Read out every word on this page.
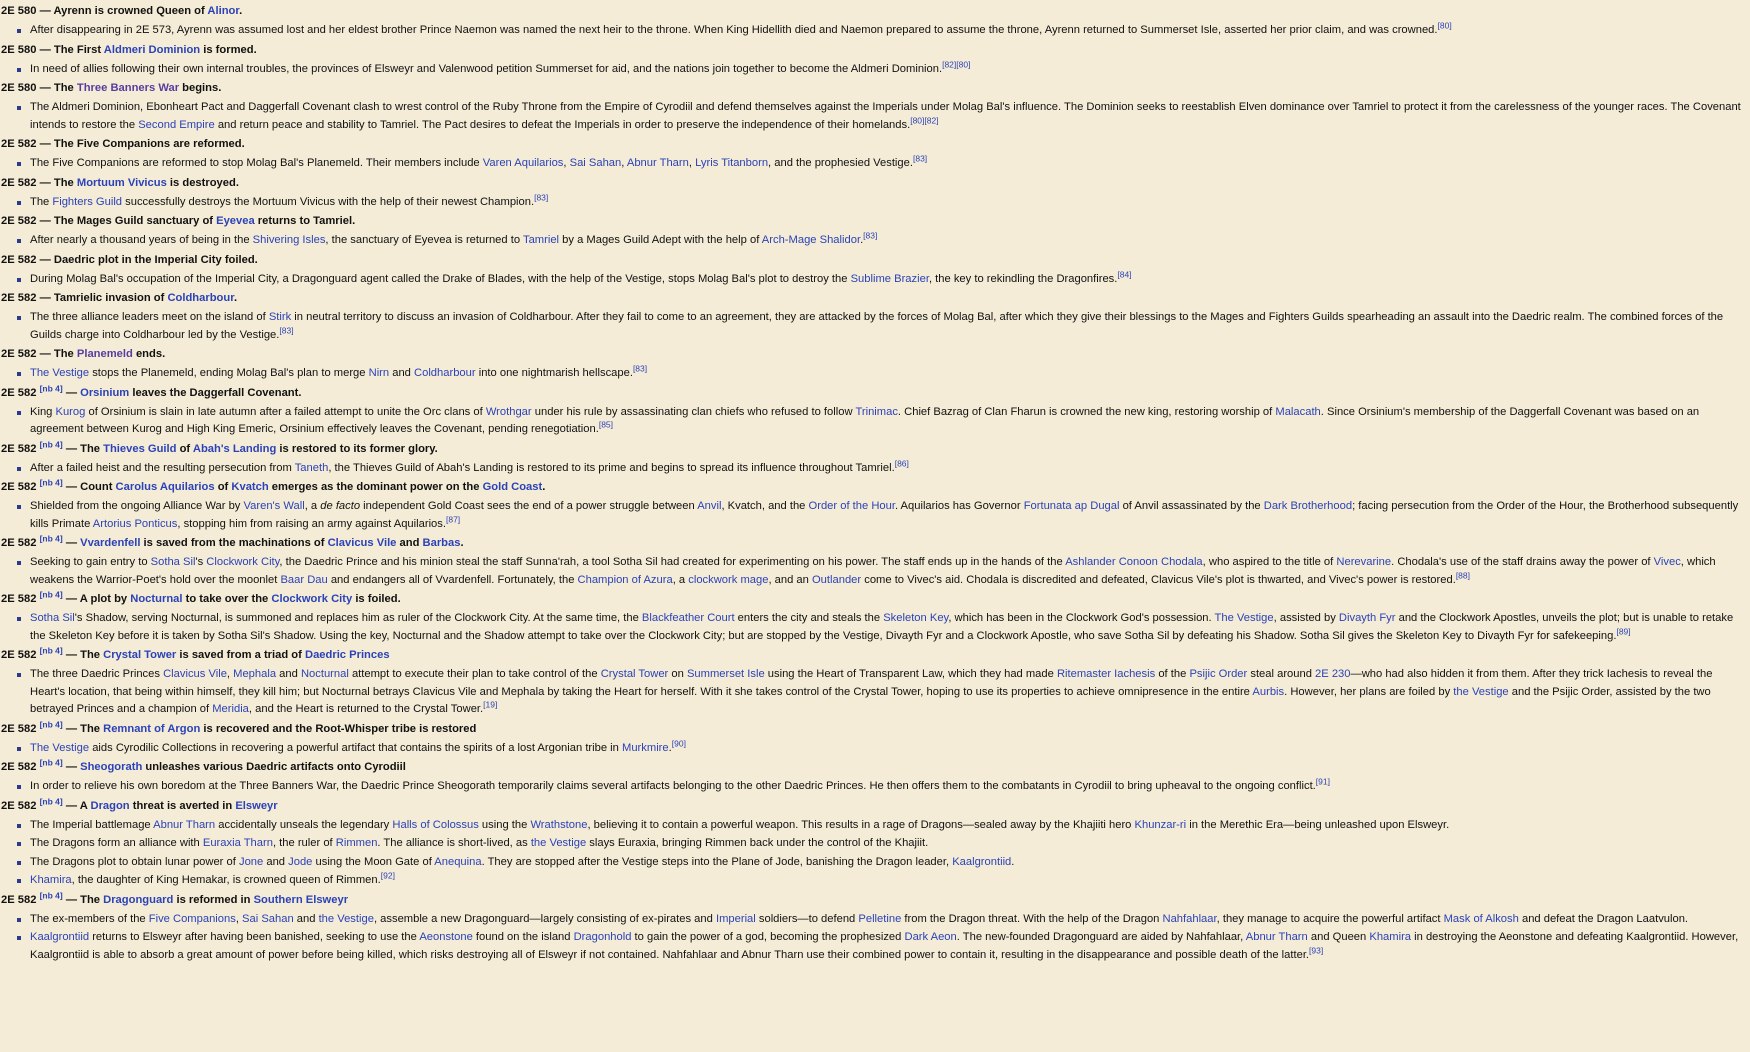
2E 580 — Ayrenn is crowned Queen of Alinor.
After disappearing in 2E 573, Ayrenn was assumed lost and her eldest brother Prince Naemon was named the next heir to the throne. When King Hidellith died and Naemon prepared to assume the throne, Ayrenn returned to Summerset Isle, asserted her prior claim, and was crowned.[80]
2E 580 — The First Aldmeri Dominion is formed.
In need of allies following their own internal troubles, the provinces of Elsweyr and Valenwood petition Summerset for aid, and the nations join together to become the Aldmeri Dominion.[82][80]
2E 580 — The Three Banners War begins.
The Aldmeri Dominion, Ebonheart Pact and Daggerfall Covenant clash to wrest control of the Ruby Throne from the Empire of Cyrodiil and defend themselves against the Imperials under Molag Bal's influence. The Dominion seeks to reestablish Elven dominance over Tamriel to protect it from the carelessness of the younger races. The Covenant intends to restore the Second Empire and return peace and stability to Tamriel. The Pact desires to defeat the Imperials in order to preserve the independence of their homelands.[80][82]
2E 582 — The Five Companions are reformed.
The Five Companions are reformed to stop Molag Bal's Planemeld. Their members include Varen Aquilarios, Sai Sahan, Abnur Tharn, Lyris Titanborn, and the prophesied Vestige.[83]
2E 582 — The Mortuum Vivicus is destroyed.
The Fighters Guild successfully destroys the Mortuum Vivicus with the help of their newest Champion.[83]
2E 582 — The Mages Guild sanctuary of Eyevea returns to Tamriel.
After nearly a thousand years of being in the Shivering Isles, the sanctuary of Eyevea is returned to Tamriel by a Mages Guild Adept with the help of Arch-Mage Shalidor.[83]
2E 582 — Daedric plot in the Imperial City foiled.
During Molag Bal's occupation of the Imperial City, a Dragonguard agent called the Drake of Blades, with the help of the Vestige, stops Molag Bal's plot to destroy the Sublime Brazier, the key to rekindling the Dragonfires.[84]
2E 582 — Tamrielic invasion of Coldharbour.
The three alliance leaders meet on the island of Stirk in neutral territory to discuss an invasion of Coldharbour. After they fail to come to an agreement, they are attacked by the forces of Molag Bal, after which they give their blessings to the Mages and Fighters Guilds spearheading an assault into the Daedric realm. The combined forces of the Guilds charge into Coldharbour led by the Vestige.[83]
2E 582 — The Planemeld ends.
The Vestige stops the Planemeld, ending Molag Bal's plan to merge Nirn and Coldharbour into one nightmarish hellscape.[83]
2E 582 [nb 4] — Orsinium leaves the Daggerfall Covenant.
King Kurog of Orsinium is slain in late autumn after a failed attempt to unite the Orc clans of Wrothgar under his rule by assassinating clan chiefs who refused to follow Trinimac. Chief Bazrag of Clan Fharun is crowned the new king, restoring worship of Malacath. Since Orsinium's membership of the Daggerfall Covenant was based on an agreement between Kurog and High King Emeric, Orsinium effectively leaves the Covenant, pending renegotiation.[85]
2E 582 [nb 4] — The Thieves Guild of Abah's Landing is restored to its former glory.
After a failed heist and the resulting persecution from Taneth, the Thieves Guild of Abah's Landing is restored to its prime and begins to spread its influence throughout Tamriel.[86]
2E 582 [nb 4] — Count Carolus Aquilarios of Kvatch emerges as the dominant power on the Gold Coast.
Shielded from the ongoing Alliance War by Varen's Wall, a de facto independent Gold Coast sees the end of a power struggle between Anvil, Kvatch, and the Order of the Hour. Aquilarios has Governor Fortunata ap Dugal of Anvil assassinated by the Dark Brotherhood; facing persecution from the Order of the Hour, the Brotherhood subsequently kills Primate Artorius Ponticus, stopping him from raising an army against Aquilarios.[87]
2E 582 [nb 4] — Vvardenfell is saved from the machinations of Clavicus Vile and Barbas.
Seeking to gain entry to Sotha Sil's Clockwork City, the Daedric Prince and his minion steal the staff Sunna'rah, a tool Sotha Sil had created for experimenting on his power. The staff ends up in the hands of the Ashlander Conoon Chodala, who aspired to the title of Nerevarine. Chodala's use of the staff drains away the power of Vivec, which weakens the Warrior-Poet's hold over the moonlet Baar Dau and endangers all of Vvardenfell. Fortunately, the Champion of Azura, a clockwork mage, and an Outlander come to Vivec's aid. Chodala is discredited and defeated, Clavicus Vile's plot is thwarted, and Vivec's power is restored.[88]
2E 582 [nb 4] — A plot by Nocturnal to take over the Clockwork City is foiled.
Sotha Sil's Shadow, serving Nocturnal, is summoned and replaces him as ruler of the Clockwork City. At the same time, the Blackfeather Court enters the city and steals the Skeleton Key, which has been in the Clockwork God's possession. The Vestige, assisted by Divayth Fyr and the Clockwork Apostles, unveils the plot; but is unable to retake the Skeleton Key before it is taken by Sotha Sil's Shadow. Using the key, Nocturnal and the Shadow attempt to take over the Clockwork City; but are stopped by the Vestige, Divayth Fyr and a Clockwork Apostle, who save Sotha Sil by defeating his Shadow. Sotha Sil gives the Skeleton Key to Divayth Fyr for safekeeping.[89]
2E 582 [nb 4] — The Crystal Tower is saved from a triad of Daedric Princes
The three Daedric Princes Clavicus Vile, Mephala and Nocturnal attempt to execute their plan to take control of the Crystal Tower on Summerset Isle using the Heart of Transparent Law, which they had made Ritemaster Iachesis of the Psijic Order steal around 2E 230—who had also hidden it from them. After they trick Iachesis to reveal the Heart's location, that being within himself, they kill him; but Nocturnal betrays Clavicus Vile and Mephala by taking the Heart for herself. With it she takes control of the Crystal Tower, hoping to use its properties to achieve omnipresence in the entire Aurbis. However, her plans are foiled by the Vestige and the Psijic Order, assisted by the two betrayed Princes and a champion of Meridia, and the Heart is returned to the Crystal Tower.[19]
2E 582 [nb 4] — The Remnant of Argon is recovered and the Root-Whisper tribe is restored
The Vestige aids Cyrodilic Collections in recovering a powerful artifact that contains the spirits of a lost Argonian tribe in Murkmire.[90]
2E 582 [nb 4] — Sheogorath unleashes various Daedric artifacts onto Cyrodiil
In order to relieve his own boredom at the Three Banners War, the Daedric Prince Sheogorath temporarily claims several artifacts belonging to the other Daedric Princes. He then offers them to the combatants in Cyrodiil to bring upheaval to the ongoing conflict.[91]
2E 582 [nb 4] — A Dragon threat is averted in Elsweyr
The Imperial battlemage Abnur Tharn accidentally unseals the legendary Halls of Colossus using the Wrathstone, believing it to contain a powerful weapon. This results in a rage of Dragons—sealed away by the Khajiiti hero Khunzar-ri in the Merethic Era—being unleashed upon Elsweyr.
The Dragons form an alliance with Euraxia Tharn, the ruler of Rimmen. The alliance is short-lived, as the Vestige slays Euraxia, bringing Rimmen back under the control of the Khajiit.
The Dragons plot to obtain lunar power of Jone and Jode using the Moon Gate of Anequina. They are stopped after the Vestige steps into the Plane of Jode, banishing the Dragon leader, Kaalgrontiid.
Khamira, the daughter of King Hemakar, is crowned queen of Rimmen.[92]
2E 582 [nb 4] — The Dragonguard is reformed in Southern Elsweyr
The ex-members of the Five Companions, Sai Sahan and the Vestige, assemble a new Dragonguard—largely consisting of ex-pirates and Imperial soldiers—to defend Pelletine from the Dragon threat. With the help of the Dragon Nahfahlaar, they manage to acquire the powerful artifact Mask of Alkosh and defeat the Dragon Laatvulon.
Kaalgrontiid returns to Elsweyr after having been banished, seeking to use the Aeonstone found on the island Dragonhold to gain the power of a god, becoming the prophesized Dark Aeon. The new-founded Dragonguard are aided by Nahfahlaar, Abnur Tharn and Queen Khamira in destroying the Aeonstone and defeating Kaalgrontiid. However, Kaalgrontiid is able to absorb a great amount of power before being killed, which risks destroying all of Elsweyr if not contained. Nahfahlaar and Abnur Tharn use their combined power to contain it, resulting in the disappearance and possible death of the latter.[93]
